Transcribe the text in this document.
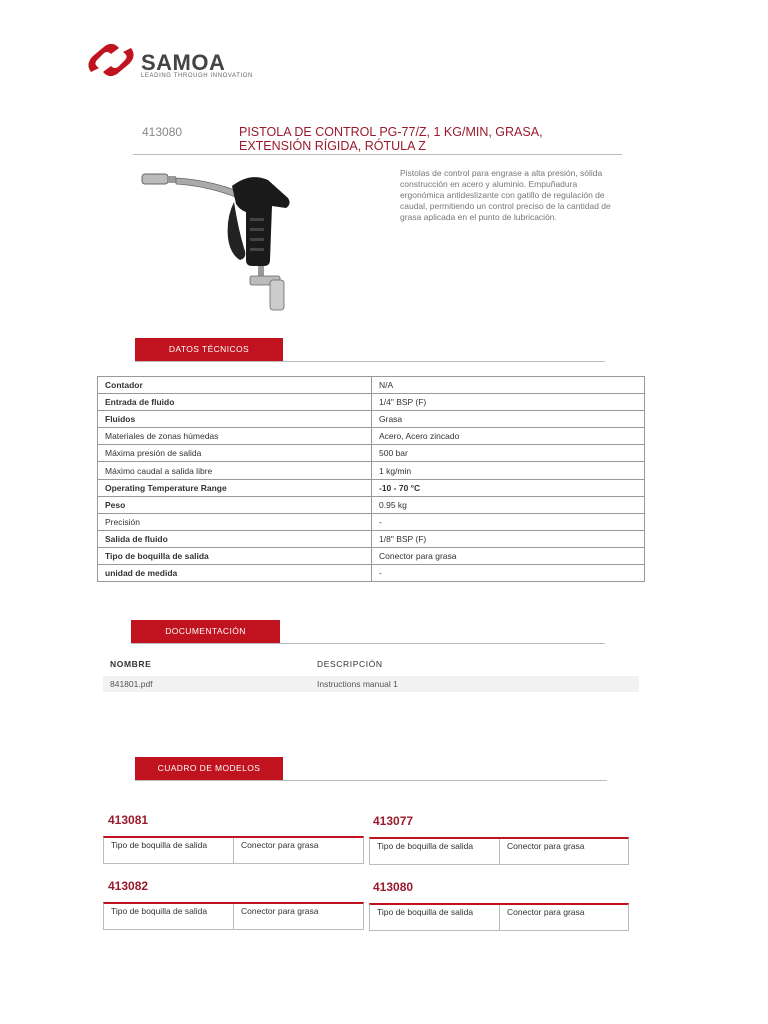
SAMOA
LEADING THROUGH INNOVATION
413080	PISTOLA DE CONTROL PG-77/Z, 1 KG/MIN, GRASA, EXTENSIÓN RÍGIDA, RÓTULA Z
Pistolas de control para engrase a alta presión, sólida construcción en acero y aluminio. Empuñadura ergonómica antideslizante con gatillo de regulación de caudal, permitiendo un control preciso de la cantidad de grasa aplicada en el punto de lubricación.
DATOS TÉCNICOS
Contador	N/A
Entrada de fluido	1/4" BSP (F)
Fluidos	Grasa
Materiales de zonas húmedas	Acero, Acero zincado
Máxima presión de salida	500 bar
Máximo caudal a salida libre	1 kg/min
Operating Temperature Range	-10 - 70 °C
Peso	0.95 kg
Precisión	-
Salida de fluido	1/8" BSP (F)
Tipo de boquilla de salida	Conector para grasa
unidad de medida	-
DOCUMENTACIÓN
NOMBRE	DESCRIPCIÓN
841801.pdf	Instructions manual 1
CUADRO DE MODELOS
413081
Tipo de boquilla de salida	Conector para grasa
413077
Tipo de boquilla de salida	Conector para grasa
413082
Tipo de boquilla de salida	Conector para grasa
413080
Tipo de boquilla de salida	Conector para grasa
